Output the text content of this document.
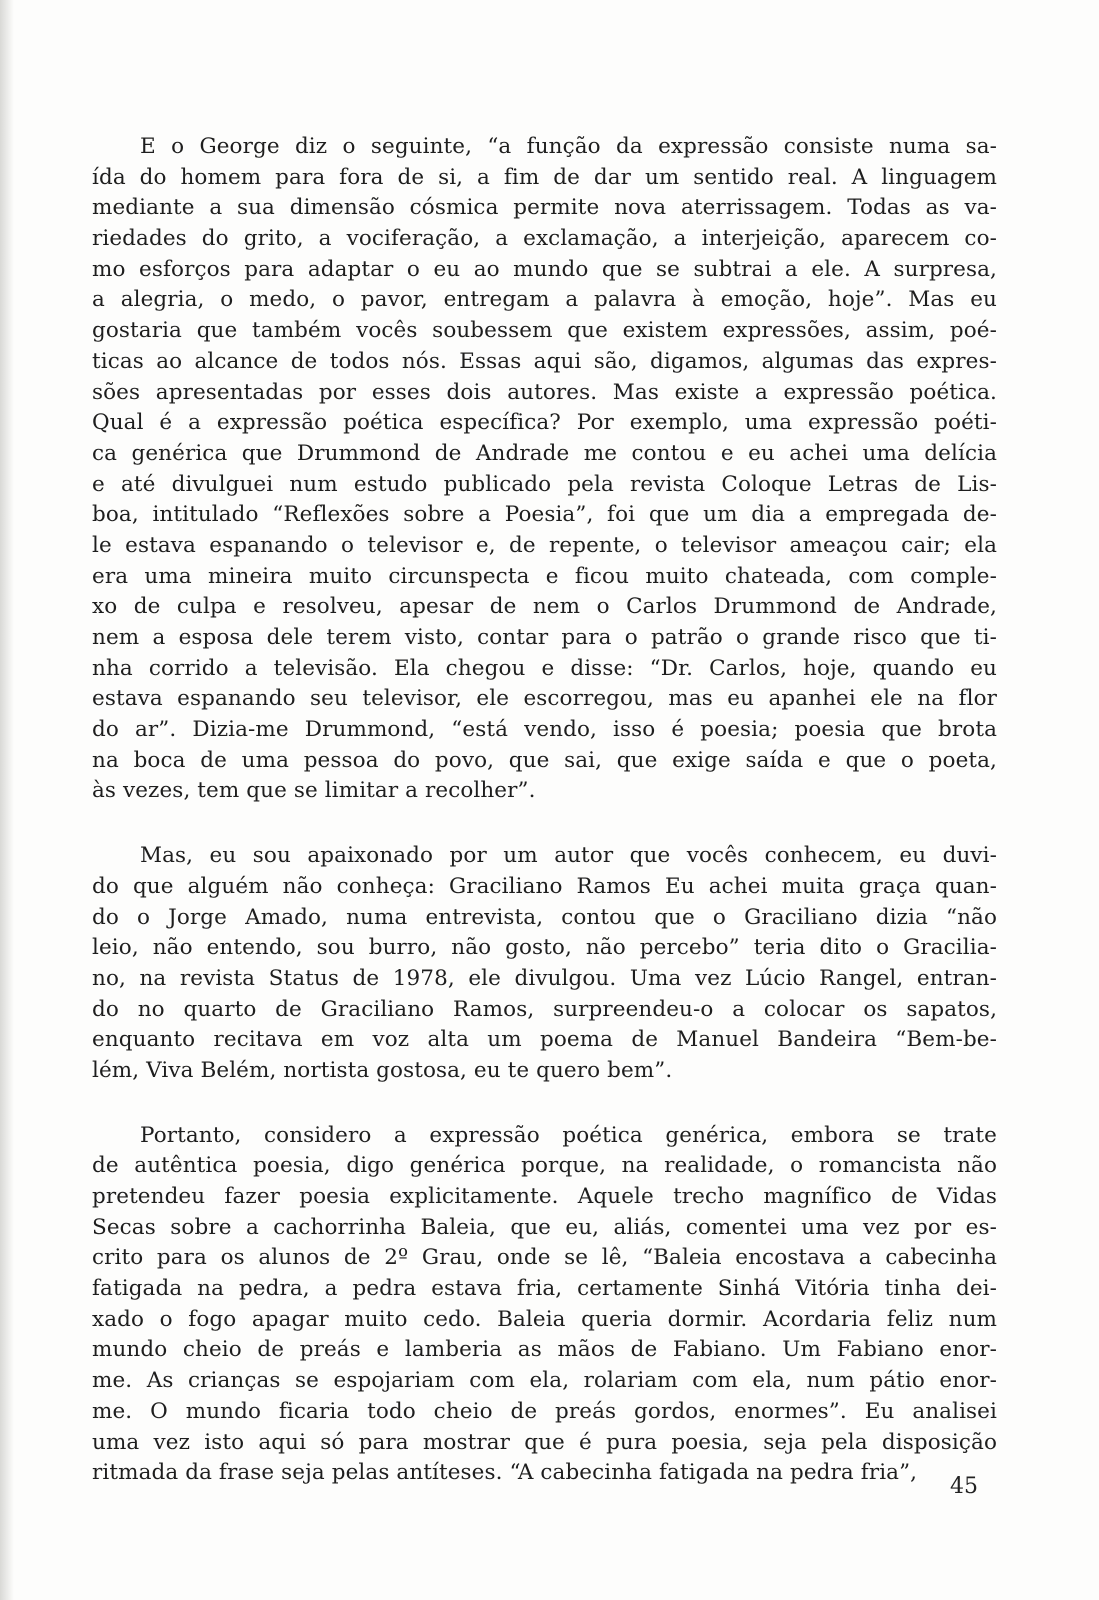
E o George diz o seguinte, “a função da expressão consiste numa sa-
ída do homem para fora de si, a fim de dar um sentido real. A linguagem
mediante a sua dimensão cósmica permite nova aterrissagem. Todas as va-
riedades do grito, a vociferação, a exclamação, a interjeição, aparecem co-
mo esforços para adaptar o eu ao mundo que se subtrai a ele. A surpresa,
a alegria, o medo, o pavor, entregam a palavra à emoção, hoje”. Mas eu
gostaria que também vocês soubessem que existem expressões, assim, poé-
ticas ao alcance de todos nós. Essas aqui são, digamos, algumas das expres-
sões apresentadas por esses dois autores. Mas existe a expressão poética.
Qual é a expressão poética específica? Por exemplo, uma expressão poéti-
ca genérica que Drummond de Andrade me contou e eu achei uma delícia
e até divulguei num estudo publicado pela revista Coloque Letras de Lis-
boa, intitulado “Reflexões sobre a Poesia”, foi que um dia a empregada de-
le estava espanando o televisor e, de repente, o televisor ameaçou cair; ela
era uma mineira muito circunspecta e ficou muito chateada, com comple-
xo de culpa e resolveu, apesar de nem o Carlos Drummond de Andrade,
nem a esposa dele terem visto, contar para o patrão o grande risco que ti-
nha corrido a televisão. Ela chegou e disse: “Dr. Carlos, hoje, quando eu
estava espanando seu televisor, ele escorregou, mas eu apanhei ele na flor
do ar”. Dizia-me Drummond, “está vendo, isso é poesia; poesia que brota
na boca de uma pessoa do povo, que sai, que exige saída e que o poeta,
às vezes, tem que se limitar a recolher”.
Mas, eu sou apaixonado por um autor que vocês conhecem, eu duvi-
do que alguém não conheça: Graciliano Ramos Eu achei muita graça quan-
do o Jorge Amado, numa entrevista, contou que o Graciliano dizia “não
leio, não entendo, sou burro, não gosto, não percebo” teria dito o Gracilia-
no, na revista Status de 1978, ele divulgou. Uma vez Lúcio Rangel, entran-
do no quarto de Graciliano Ramos, surpreendeu-o a colocar os sapatos,
enquanto recitava em voz alta um poema de Manuel Bandeira “Bem-be-
lém, Viva Belém, nortista gostosa, eu te quero bem”.
Portanto, considero a expressão poética genérica, embora se trate
de autêntica poesia, digo genérica porque, na realidade, o romancista não
pretendeu fazer poesia explicitamente. Aquele trecho magnífico de Vidas
Secas sobre a cachorrinha Baleia, que eu, aliás, comentei uma vez por es-
crito para os alunos de 2º Grau, onde se lê, “Baleia encostava a cabecinha
fatigada na pedra, a pedra estava fria, certamente Sinhá Vitória tinha dei-
xado o fogo apagar muito cedo. Baleia queria dormir. Acordaria feliz num
mundo cheio de preás e lamberia as mãos de Fabiano. Um Fabiano enor-
me. As crianças se espojariam com ela, rolariam com ela, num pátio enor-
me. O mundo ficaria todo cheio de preás gordos, enormes”. Eu analisei
uma vez isto aqui só para mostrar que é pura poesia, seja pela disposição
ritmada da frase seja pelas antíteses. “A cabecinha fatigada na pedra fria”,
45
